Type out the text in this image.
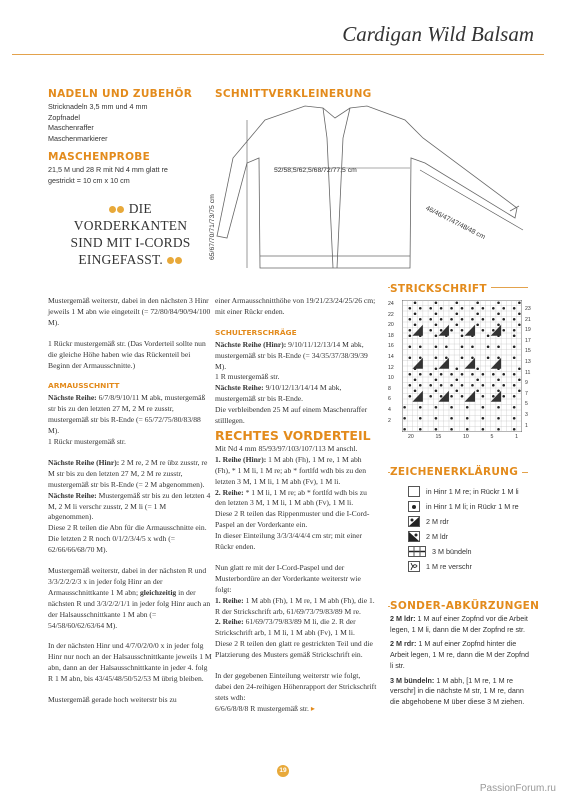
Cardigan Wild Balsam
NADELN UND ZUBEHÖR
Stricknadeln 3,5 mm und 4 mm
Zopfnadel
Maschenraffer
Maschenmarkierer
MASCHENPROBE
21,5 M und 28 R mit Nd 4 mm glatt re
gestrickt = 10 cm x 10 cm
DIE
VORDERKANTEN
SIND MIT I-CORDS
EINGEFASST.
SCHNITTVERKLEINERUNG
52/58,5/62,5/68/72/77,5 cm
46/46/47/47/48/48 cm
65/67/70/71/73/75 cm

Mustergemäß weiterstr, dabei in den nächsten 3 Hinr jeweils 1 M abn wie eingeteilt (= 72/80/84/90/94/100 M).

1 Rückr mustergemäß str. (Das Vorderteil sollte nun die gleiche Höhe haben wie das Rückenteil bei Beginn der Armausschnitte.)

ARMAUSSCHNITT

Nächste Reihe: 6/7/8/9/10/11 M abk, mustergemäß str bis zu den letzten 27 M, 2 M re zusstr, mustergemäß str bis R-Ende (= 65/72/75/80/83/88 M).
1 Rückr mustergemäß str.

Nächste Reihe (Hinr): 2 M re, 2 M re übz zusstr, re M str bis zu den letzten 27 M, 2 M re zusstr, mustergemäß str bis R-Ende (= 2 M abgenommen).

Nächste Reihe: Mustergemäß str bis zu den letzten 4 M, 2 M li verschr zusstr, 2 M li (= 1 M abgenommen).

Diese 2 R teilen die Abn für die Armausschnitte ein.

Die letzten 2 R noch 0/1/2/3/4/5 x wdh (= 62/66/66/68/70 M).

Mustergemäß weiterstr, dabei in der nächsten R und 3/3/2/2/2/3 x in jeder folg Hinr an der Armausschnittkante 1 M abn; gleichzeitig in der nächsten R und 3/3/2/2/1/1 in jeder folg Hinr auch an der Halsausschnittkante 1 M abn (= 54/58/60/62/63/64 M).

In der nächsten Hinr und 4/7/0/2/0/0 x in jeder folg Hinr nur noch an der Halsausschnittkante jeweils 1 M abn, dann an der Halsausschnittkante in jeder 4. folg R 1 M abn, bis 43/45/48/50/52/53 M übrig bleiben.

Mustergemäß gerade hoch weiterstr bis zu

einer Armausschnitthöhe von 19/21/23/24/25/26 cm; mit einer Rückr enden.

SCHULTERSCHRÄGE

Nächste Reihe (Hinr): 9/10/11/12/13/14 M abk, mustergemäß str bis R-Ende (= 34/35/37/38/39/39 M).

1 R mustergemäß str.

Nächste Reihe: 9/10/12/13/14/14 M abk, mustergemäß str bis R-Ende.

Die verbleibenden 25 M auf einem Maschenraffer stilllegen.

RECHTES VORDERTEIL

Mit Nd 4 mm 85/93/97/103/107/113 M anschl.

1. Reihe (Hinr): 1 M abh (Fh), 1 M re, 1 M abh (Fh), * 1 M li, 1 M re; ab * fortlfd wdh bis zu den letzten 3 M, 1 M li, 1 M abh (Fv), 1 M li.

2. Reihe: * 1 M li, 1 M re; ab * fortlfd wdh bis zu den letzten 3 M, 1 M li, 1 M abh (Fv), 1 M li.

Diese 2 R teilen das Rippenmuster und die I-Cord-Paspel an der Vorderkante ein.

In dieser Einteilung 3/3/3/4/4/4 cm str; mit einer Rückr enden.

Nun glatt re mit der I-Cord-Paspel und der Musterbordüre an der Vorderkante weiterstr wie folgt:

1. Reihe: 1 M abh (Fh), 1 M re, 1 M abh (Fh), die 1. R der Strickschrift arb, 61/69/73/79/83/89 M re.

2. Reihe: 61/69/73/79/83/89 M li, die 2. R der Strickschrift arb, 1 M li, 1 M abh (Fv), 1 M li.

Diese 2 R teilen den glatt re gestrickten Teil und die Platzierung des Musters gemäß Strickschrift ein.

In der gegebenen Einteilung weiterstr wie folgt, dabei den 24-reihigen Höhenrapport der Strickschrift stets wdh:

6/6/6/8/8/8 R mustergemäß str. ▸

STRICKSCHRIFT
24
22
20
18
16
14
12
10
8
6
4
2
23
21
19
17
15
13
11
9
7
5
3
1
20	15	10	5	1
ZEICHENERKLÄRUNG
in Hinr 1 M re; in Rückr 1 M li
in Hinr 1 M li; in Rückr 1 M re
2 M rdr
2 M ldr
3 M bündeln
1 M re verschr
SONDER-ABKÜRZUNGEN
2 M ldr: 1 M auf einer Zopfnd vor die Arbeit legen, 1 M li, dann die M der Zopfnd re str.
2 M rdr: 1 M auf einer Zopfnd hinter die Arbeit legen, 1 M re, dann die M der Zopfnd li str.
3 M bündeln: 1 M abh, [1 M re, 1 M re verschr] in die nächste M str, 1 M re, dann die abgehobene M über diese 3 M ziehen.
19
PassionForum.ru
